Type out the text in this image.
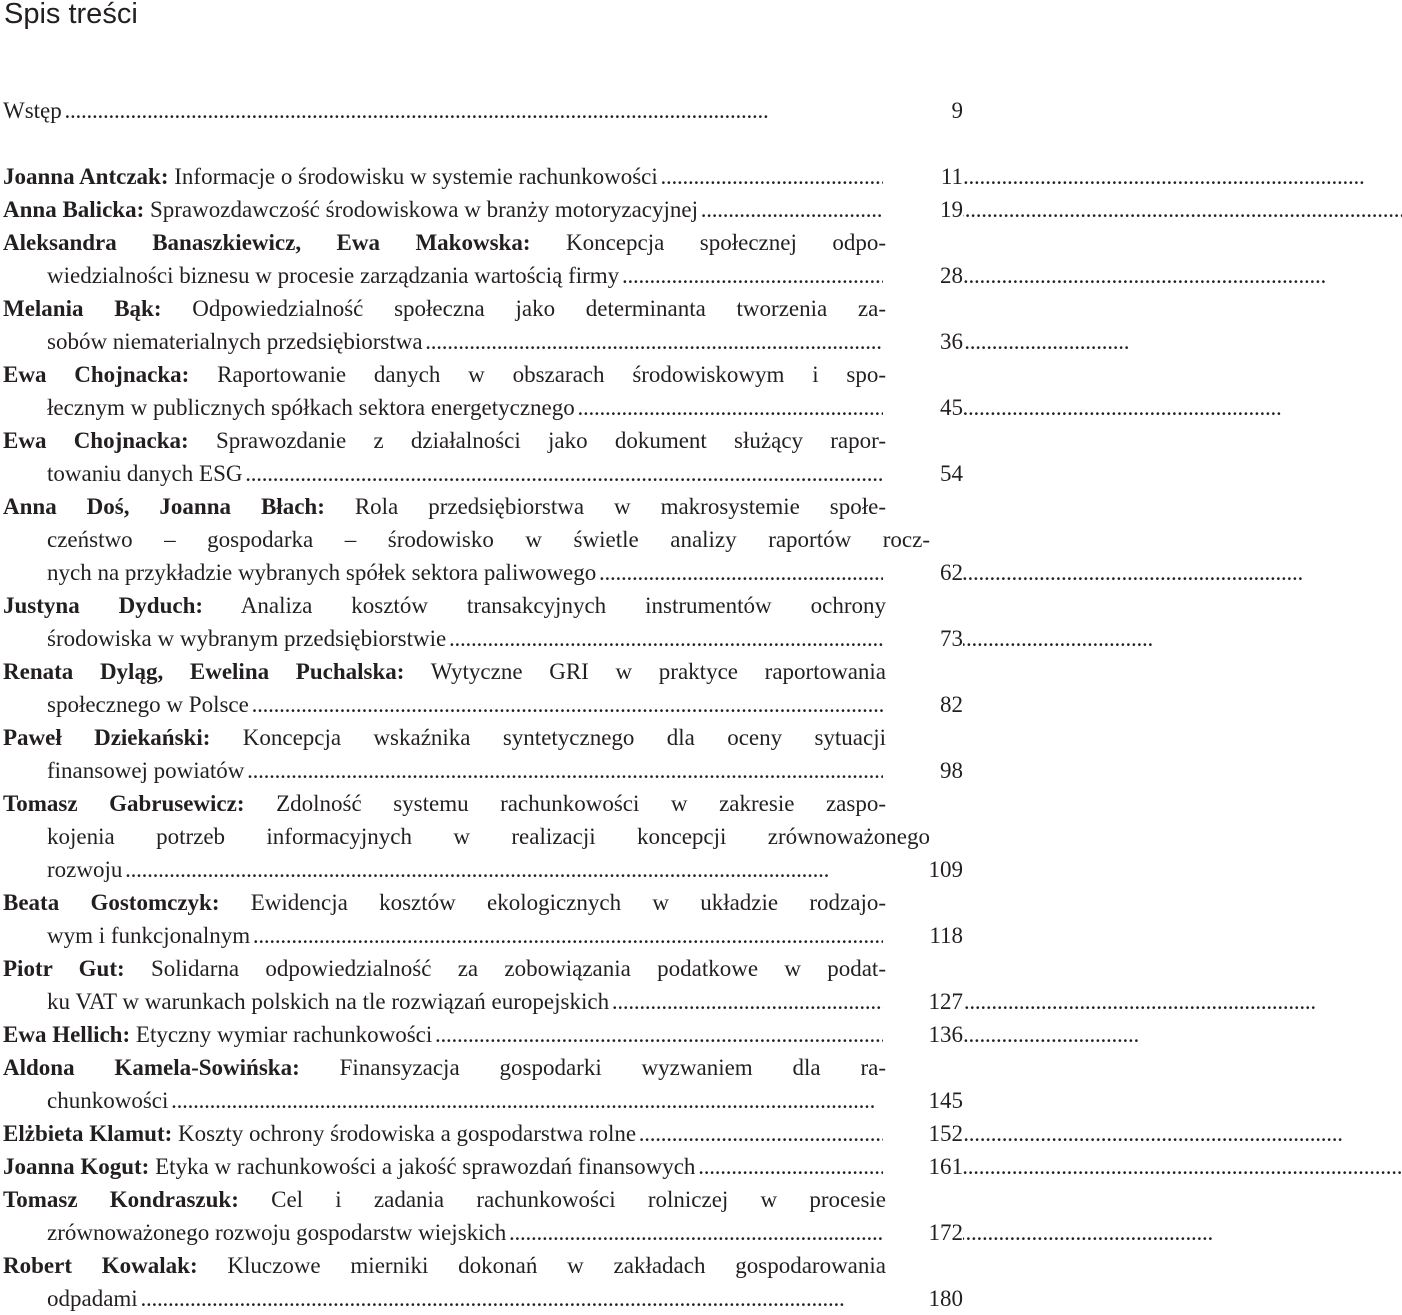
Spis treści
Wstęp . . .	9
Joanna Antczak: Informacje o środowisku w systemie rachunkowości . . .	11
Anna Balicka: Sprawozdawczość środowiskowa w branży motoryzacyjnej . . .	19
Aleksandra Banaszkiewicz, Ewa Makowska: Koncepcja społecznej odpo-
wiedzialności biznesu w procesie zarządzania wartością firmy . . .	28
Melania Bąk: Odpowiedzialność społeczna jako determinanta tworzenia za-
sobów niematerialnych przedsiębiorstwa . . .	36
Ewa Chojnacka: Raportowanie danych w obszarach środowiskowym i spo-
łecznym w publicznych spółkach sektora energetycznego . . .	45
Ewa Chojnacka: Sprawozdanie z działalności jako dokument służący rapor-
towaniu danych ESG . . .	54
Anna Doś, Joanna Błach: Rola przedsiębiorstwa w makrosystemie społe-
czeństwo – gospodarka – środowisko w świetle analizy raportów rocz-
nych na przykładzie wybranych spółek sektora paliwowego . . .	62
Justyna Dyduch: Analiza kosztów transakcyjnych instrumentów ochrony
środowiska w wybranym przedsiębiorstwie . . .	73
Renata Dyląg, Ewelina Puchalska: Wytyczne GRI w praktyce raportowania
społecznego w Polsce . . .	82
Paweł Dziekański: Koncepcja wskaźnika syntetycznego dla oceny sytuacji
finansowej powiatów . . .	98
Tomasz Gabrusewicz: Zdolność systemu rachunkowości w zakresie zaspo-
kojenia potrzeb informacyjnych w realizacji koncepcji zrównoważonego
rozwoju . . .	109
Beata Gostomczyk: Ewidencja kosztów ekologicznych w układzie rodzajo-
wym i funkcjonalnym . . .	118
Piotr Gut: Solidarna odpowiedzialność za zobowiązania podatkowe w podat-
ku VAT w warunkach polskich na tle rozwiązań europejskich . . .	127
Ewa Hellich: Etyczny wymiar rachunkowości . . .	136
Aldona Kamela-Sowińska: Finansyzacja gospodarki wyzwaniem dla ra-
chunkowości . . .	145
Elżbieta Klamut: Koszty ochrony środowiska a gospodarstwa rolne . . .	152
Joanna Kogut: Etyka w rachunkowości a jakość sprawozdań finansowych . . .	161
Tomasz Kondraszuk: Cel i zadania rachunkowości rolniczej w procesie
zrównoważonego rozwoju gospodarstw wiejskich . . .	172
Robert Kowalak: Kluczowe mierniki dokonań w zakładach gospodarowania
odpadami . . .	180
